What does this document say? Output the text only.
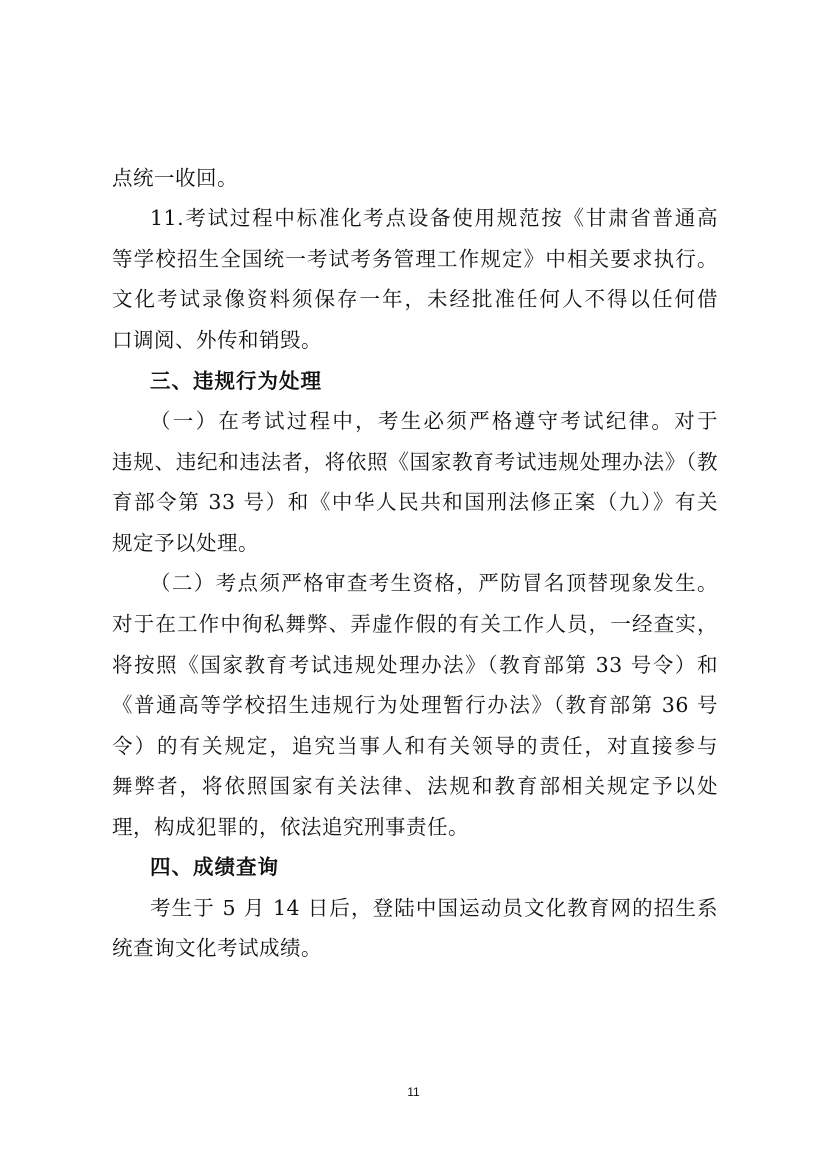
点统一收回。
11.考试过程中标准化考点设备使用规范按《甘肃省普通高
等学校招生全国统一考试考务管理工作规定》中相关要求执行。
文化考试录像资料须保存一年，未经批准任何人不得以任何借
口调阅、外传和销毁。
三、违规行为处理
（一）在考试过程中，考生必须严格遵守考试纪律。对于
违规、违纪和违法者，将依照《国家教育考试违规处理办法》（教
育部令第 33 号）和《中华人民共和国刑法修正案（九）》有关
规定予以处理。
（二）考点须严格审查考生资格，严防冒名顶替现象发生。
对于在工作中徇私舞弊、弄虚作假的有关工作人员，一经查实，
将按照《国家教育考试违规处理办法》（教育部第 33 号令）和
《普通高等学校招生违规行为处理暂行办法》（教育部第 36 号
令）的有关规定，追究当事人和有关领导的责任，对直接参与
舞弊者，将依照国家有关法律、法规和教育部相关规定予以处
理，构成犯罪的，依法追究刑事责任。
四、成绩查询
考生于 5 月 14 日后，登陆中国运动员文化教育网的招生系
统查询文化考试成绩。
11
